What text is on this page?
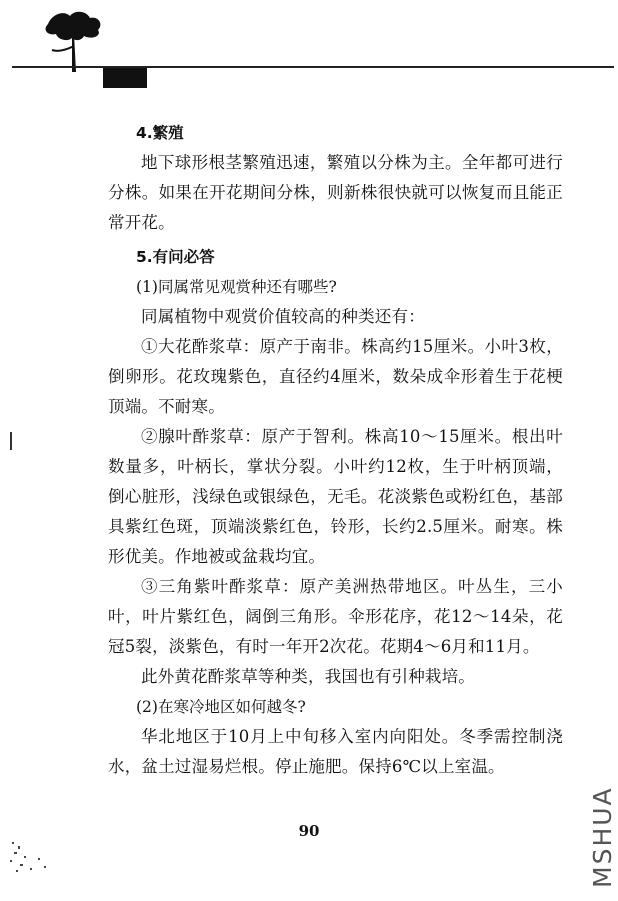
4.繁殖

地下球形根茎繁殖迅速，繁殖以分株为主。全年都可进行分株。如果在开花期间分株，则新株很快就可以恢复而且能正常开花。

5.有问必答

(1)同属常见观赏种还有哪些?

同属植物中观赏价值较高的种类还有：

①大花酢浆草：原产于南非。株高约15厘米。小叶3枚，倒卵形。花玫瑰紫色，直径约4厘米，数朵成伞形着生于花梗顶端。不耐寒。

②腺叶酢浆草：原产于智利。株高10～15厘米。根出叶数量多，叶柄长，掌状分裂。小叶约12枚，生于叶柄顶端，倒心脏形，浅绿色或银绿色，无毛。花淡紫色或粉红色，基部具紫红色斑，顶端淡紫红色，铃形，长约2.5厘米。耐寒。株形优美。作地被或盆栽均宜。

③三角紫叶酢浆草：原产美洲热带地区。叶丛生，三小叶，叶片紫红色，阔倒三角形。伞形花序，花12～14朵，花冠5裂，淡紫色，有时一年开2次花。花期4～6月和11月。

此外黄花酢浆草等种类，我国也有引种栽培。

(2)在寒冷地区如何越冬?

华北地区于10月上中旬移入室内向阳处。冬季需控制浇水，盆土过湿易烂根。停止施肥。保持6℃以上室温。

90	MSHUA
